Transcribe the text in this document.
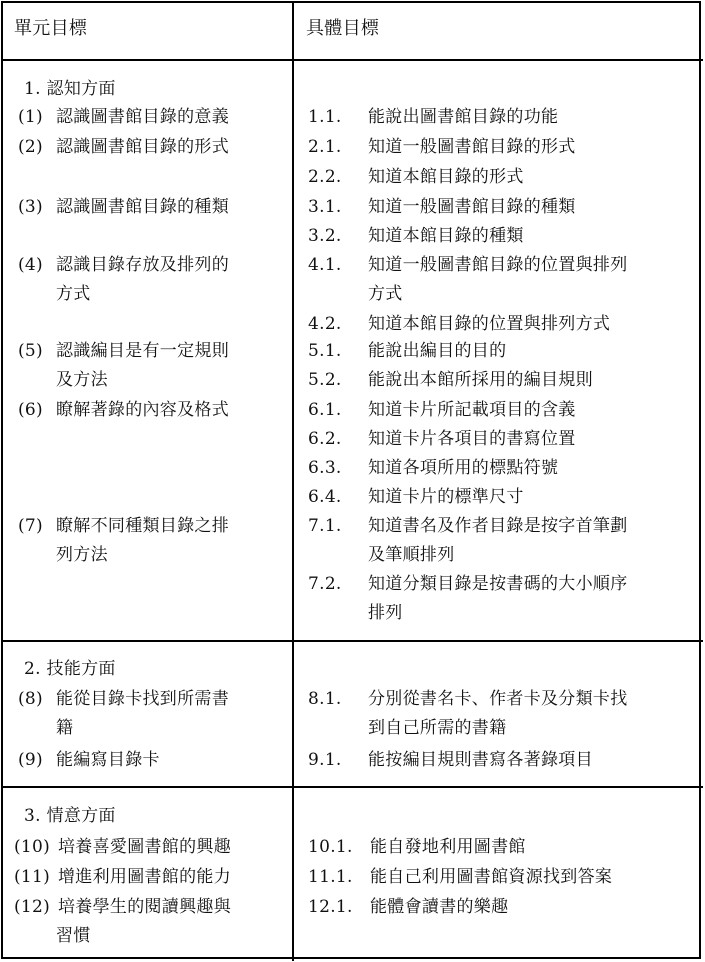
單元目標	具體目標
1. 認知方面
(1) 認識圖書館目錄的意義
(2) 認識圖書館目錄的形式
(3) 認識圖書館目錄的種類
(4) 認識目錄存放及排列的
方式
(5) 認識編目是有一定規則
及方法
(6) 瞭解著錄的內容及格式
(7) 瞭解不同種類目錄之排
列方法
1.1. 能說出圖書館目錄的功能
2.1. 知道一般圖書館目錄的形式
2.2. 知道本館目錄的形式
3.1. 知道一般圖書館目錄的種類
3.2. 知道本館目錄的種類
4.1. 知道一般圖書館目錄的位置與排列
方式
4.2. 知道本館目錄的位置與排列方式
5.1. 能說出編目的目的
5.2. 能說出本館所採用的編目規則
6.1. 知道卡片所記載項目的含義
6.2. 知道卡片各項目的書寫位置
6.3. 知道各項所用的標點符號
6.4. 知道卡片的標準尺寸
7.1. 知道書名及作者目錄是按字首筆劃
及筆順排列
7.2. 知道分類目錄是按書碼的大小順序
排列
2. 技能方面
(8) 能從目錄卡找到所需書
籍
(9) 能編寫目錄卡
8.1. 分別從書名卡、作者卡及分類卡找
到自己所需的書籍
9.1. 能按編目規則書寫各著錄項目
3. 情意方面
(10) 培養喜愛圖書館的興趣
(11) 增進利用圖書館的能力
(12) 培養學生的閱讀興趣與
習慣
10.1. 能自發地利用圖書館
11.1. 能自己利用圖書館資源找到答案
12.1. 能體會讀書的樂趣
